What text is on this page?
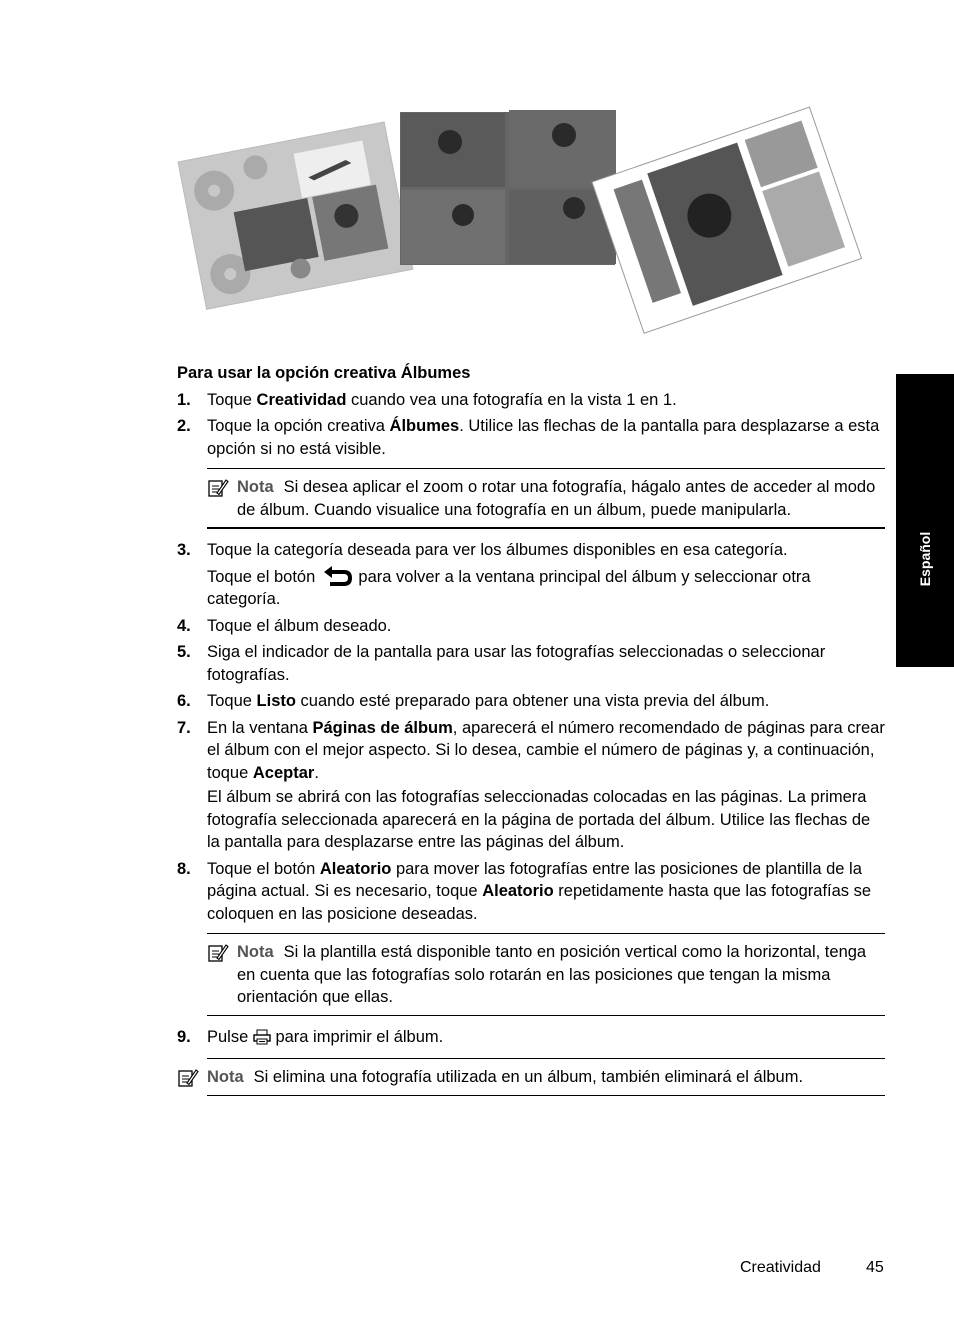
Español
Para usar la opción creativa Álbumes
1. Toque Creatividad cuando vea una fotografía en la vista 1 en 1.

2. Toque la opción creativa Álbumes. Utilice las flechas de la pantalla para desplazarse a esta opción si no está visible.

Nota Si desea aplicar el zoom o rotar una fotografía, hágalo antes de acceder al modo de álbum. Cuando visualice una fotografía en un álbum, puede manipularla.
3. Toque la categoría deseada para ver los álbumes disponibles en esa categoría.

Toque el botón  para volver a la ventana principal del álbum y seleccionar otra categoría.

4. Toque el álbum deseado.

5. Siga el indicador de la pantalla para usar las fotografías seleccionadas o seleccionar fotografías.

6. Toque Listo cuando esté preparado para obtener una vista previa del álbum.

7. En la ventana Páginas de álbum, aparecerá el número recomendado de páginas para crear el álbum con el mejor aspecto. Si lo desea, cambie el número de páginas y, a continuación, toque Aceptar.

El álbum se abrirá con las fotografías seleccionadas colocadas en las páginas. La primera fotografía seleccionada aparecerá en la página de portada del álbum. Utilice las flechas de la pantalla para desplazarse entre las páginas del álbum.

8. Toque el botón Aleatorio para mover las fotografías entre las posiciones de plantilla de la página actual. Si es necesario, toque Aleatorio repetidamente hasta que las fotografías se coloquen en las posicione deseadas.

Nota Si la plantilla está disponible tanto en posición vertical como la horizontal, tenga en cuenta que las fotografías solo rotarán en las posiciones que tengan la misma orientación que ellas.
9. Pulse  para imprimir el álbum.

Nota Si elimina una fotografía utilizada en un álbum, también eliminará el álbum.
Creatividad	45
